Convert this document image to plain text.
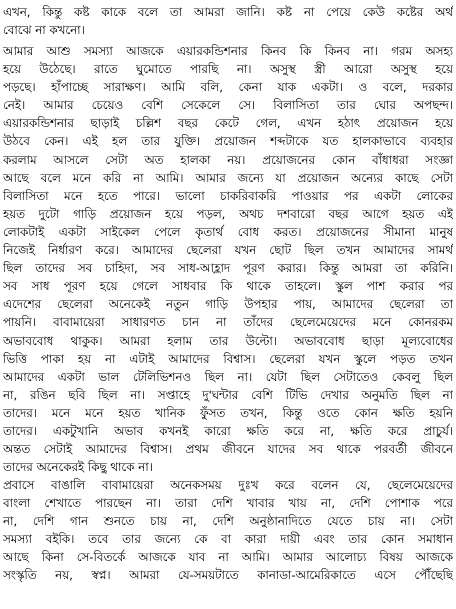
এখন, কিন্তু কষ্ট কাকে বলে তা আমরা জানি। কষ্ট না পেয়ে কেউ কষ্টের অর্থ
বোঝে না কখনো।
আমার আশু সমস্যা আজকে এয়ারকন্ডিশনার কিনব কি কিনব না। গরম অসহ্য
হয়ে উঠেছে। রাতে ঘুমোতে পারছি না। অসুস্থ স্ত্রী আরো অসুস্থ হয়ে
পড়ছে। হাঁপাচ্ছে সারাক্ষণ। আমি বলি, কেনা যাক একটা। ও বলে, দরকার
নেই। আমার চেয়েও বেশি সেকেলে সে। বিলাসিতা তার ঘোর অপছন্দ।
এয়ারকন্ডিশনার ছাড়াই চল্লিশ বছর কেটে গেল, এখন হঠাৎ প্রয়োজন হয়ে
উঠবে কেন। এই হল তার যুক্তি। প্রয়োজন শব্দটাকে যত হালকাভাবে ব্যবহার
করলাম আসলে সেটা অত হালকা নয়। প্রয়োজনের কোন বাঁধাধরা সংজ্ঞা
আছে বলে মনে করি না আমি। আমার জন্যে যা প্রয়োজন অন্যের কাছে সেটা
বিলাসিতা মনে হতে পারে। ভালো চাকরিবাকরি পাওয়ার পর একটা লোকের
হয়ত দুটো গাড়ি প্রয়োজন হয়ে পড়ল, অথচ দশবারো বছর আগে হয়ত এই
লোকটাই একটা সাইকেল পেলে কৃতার্থ বোধ করত। প্রয়োজনের সীমানা মানুষ
নিজেই নির্ধারণ করে। আমাদের ছেলেরা যখন ছোট ছিল তখন আমাদের সামর্থ
ছিল তাদের সব চাহিদা, সব সাধ-আহ্লাদ পূরণ করার। কিন্তু আমরা তা করিনি।
সব সাধ পূরণ হয়ে গেলে সাধবার কি থাকে তাহলে। স্কুল পাশ করার পর
এদেশের ছেলেরা অনেকেই নতুন গাড়ি উপহার পায়, আমাদের ছেলেরা তা
পায়নি। বাবামায়েরা সাধারণত চান না তাঁদের ছেলেমেয়েদের মনে কোনরকম
অভাববোধ থাকুক। আমরা হলাম তার উল্টো। অভাববোধ ছাড়া মূল্যবোধের
ভিত্তি পাকা হয় না এটাই আমাদের বিশ্বাস। ছেলেরা যখন স্কুলে পড়ত তখন
আমাদের একটা ভাল টেলিভিশনও ছিল না। যেটা ছিল সেটাতেও কেবলু ছিল
না, রঙিন ছবি ছিল না। সপ্তাহে দু'ঘন্টার বেশি টিভি দেখার অনুমতি ছিল না
তাদের। মনে মনে হয়ত খানিক ফুঁসত তখন, কিন্তু ওতে কোন ক্ষতি হয়নি
তাদের। একটুখানি অভাব কখনই কারো ক্ষতি করে না, ক্ষতি করে প্রাচুর্য।
অন্তত সেটাই আমাদের বিশ্বাস। প্রথম জীবনে যাদের সব থাকে পরবর্তী জীবনে
তাদের অনেকেরই কিছু থাকে না।
প্রবাসে বাঙালি বাবামায়েরা অনেকসময় দুঃখ করে বলেন যে, ছেলেমেয়েদের
বাংলা শেখাতে পারছেন না। তারা দেশি খাবার খায় না, দেশি পোশাক পরে
না, দেশি গান শুনতে চায় না, দেশি অনুষ্ঠানাদিতে যেতে চায় না। সেটা
সমস্যা বইকি। তবে তার জন্যে কে বা কারা দায়ী এবং তার কোন সমাধান
আছে কিনা সে-বিতর্কে আজকে যাব না আমি। আমার আলোচ্য বিষয় আজকে
সংস্কৃতি নয়, স্বপ্ন। আমরা যে-সময়টাতে কানাডা-আমেরিকাতে এসে পৌঁছেছি
